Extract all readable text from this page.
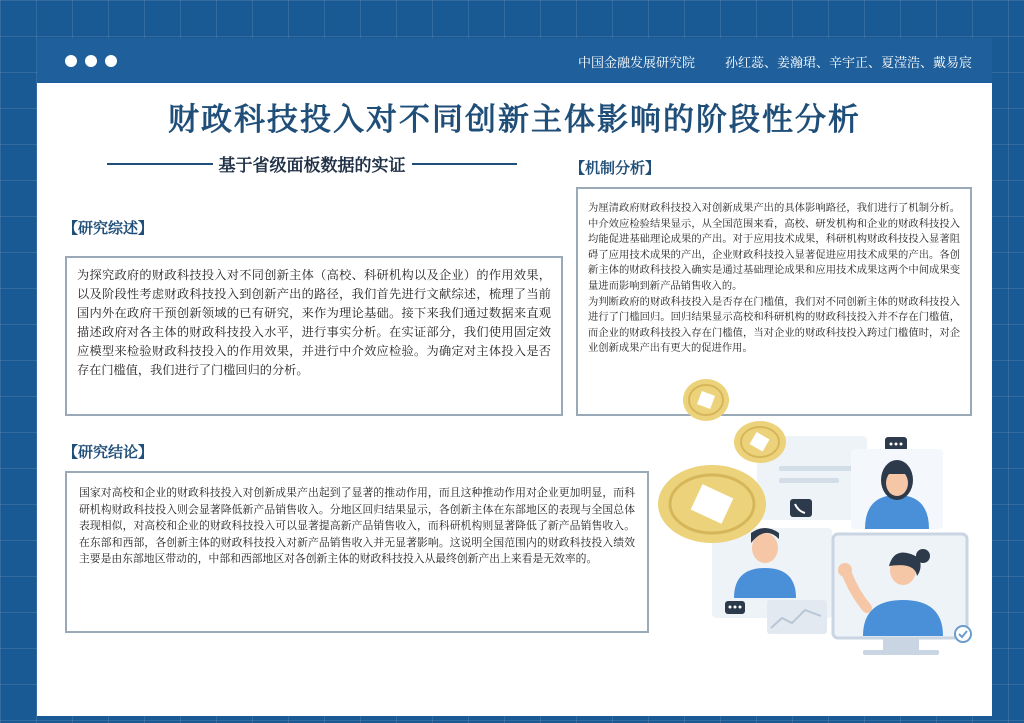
中国金融发展研究院 孙红蕊、姜瀚珺、辛宇正、夏滢浩、戴易宸
财政科技投入对不同创新主体影响的阶段性分析
基于省级面板数据的实证
【研究综述】

为探究政府的财政科技投入对不同创新主体（高校、科研机构以及企业）的作用效果，以及阶段性考虑财政科技投入到创新产出的路径，我们首先进行文献综述，梳理了当前国内外在政府干预创新领域的已有研究，来作为理论基础。接下来我们通过数据来直观描述政府对各主体的财政科技投入水平，进行事实分析。在实证部分，我们使用固定效应模型来检验财政科技投入的作用效果，并进行中介效应检验。为确定对主体投入是否存在门槛值，我们进行了门槛回归的分析。

【机制分析】

为厘清政府财政科技投入对创新成果产出的具体影响路径，我们进行了机制分析。中介效应检验结果显示，从全国范围来看，高校、研发机构和企业的财政科技投入均能促进基础理论成果的产出。对于应用技术成果，科研机构财政科技投入显著阻碍了应用技术成果的产出，企业财政科技投入显著促进应用技术成果的产出。各创新主体的财政科技投入确实是通过基础理论成果和应用技术成果这两个中间成果变量进而影响到新产品销售收入的。

为判断政府的财政科技投入是否存在门槛值，我们对不同创新主体的财政科技投入进行了门槛回归。回归结果显示高校和科研机构的财政科技投入并不存在门槛值，而企业的财政科技投入存在门槛值，当对企业的财政科技投入跨过门槛值时，对企业创新成果产出有更大的促进作用。

【研究结论】

国家对高校和企业的财政科技投入对创新成果产出起到了显著的推动作用，而且这种推动作用对企业更加明显，而科研机构财政科技投入则会显著降低新产品销售收入。分地区回归结果显示，各创新主体在东部地区的表现与全国总体表现相似，对高校和企业的财政科技投入可以显著提高新产品销售收入，而科研机构则显著降低了新产品销售收入。在东部和西部，各创新主体的财政科技投入对新产品销售收入并无显著影响。这说明全国范围内的财政科技投入绩效主要是由东部地区带动的，中部和西部地区对各创新主体的财政科技投入从最终创新产出上来看是无效率的。
